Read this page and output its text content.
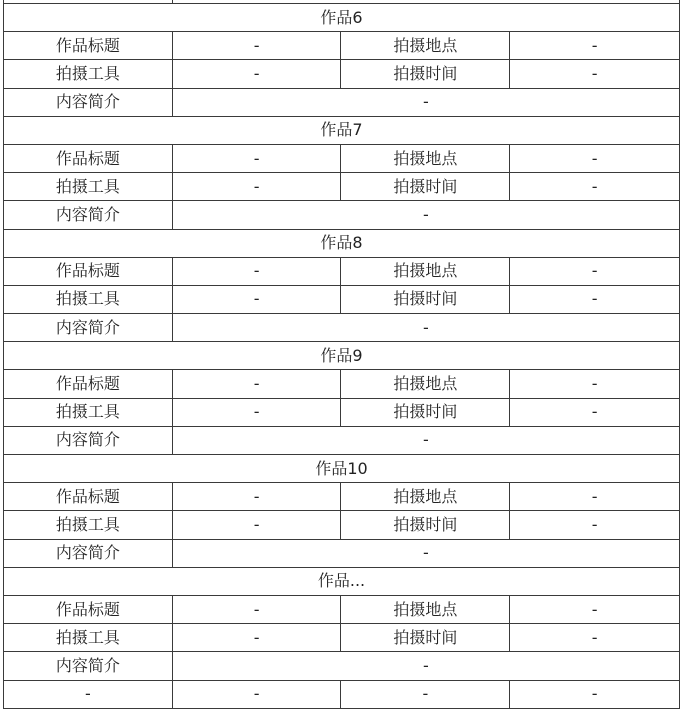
作品6			
作品标题	-	拍摄地点	-
拍摄工具	-	拍摄时间	-
内容简介	-		
作品7			
作品标题	-	拍摄地点	-
拍摄工具	-	拍摄时间	-
内容简介	-		
作品8			
作品标题	-	拍摄地点	-
拍摄工具	-	拍摄时间	-
内容简介	-		
作品9			
作品标题	-	拍摄地点	-
拍摄工具	-	拍摄时间	-
内容简介	-		
作品10			
作品标题	-	拍摄地点	-
拍摄工具	-	拍摄时间	-
内容简介	-		
作品...			
作品标题	-	拍摄地点	-
拍摄工具	-	拍摄时间	-
内容简介	-		
-	-	-	-
